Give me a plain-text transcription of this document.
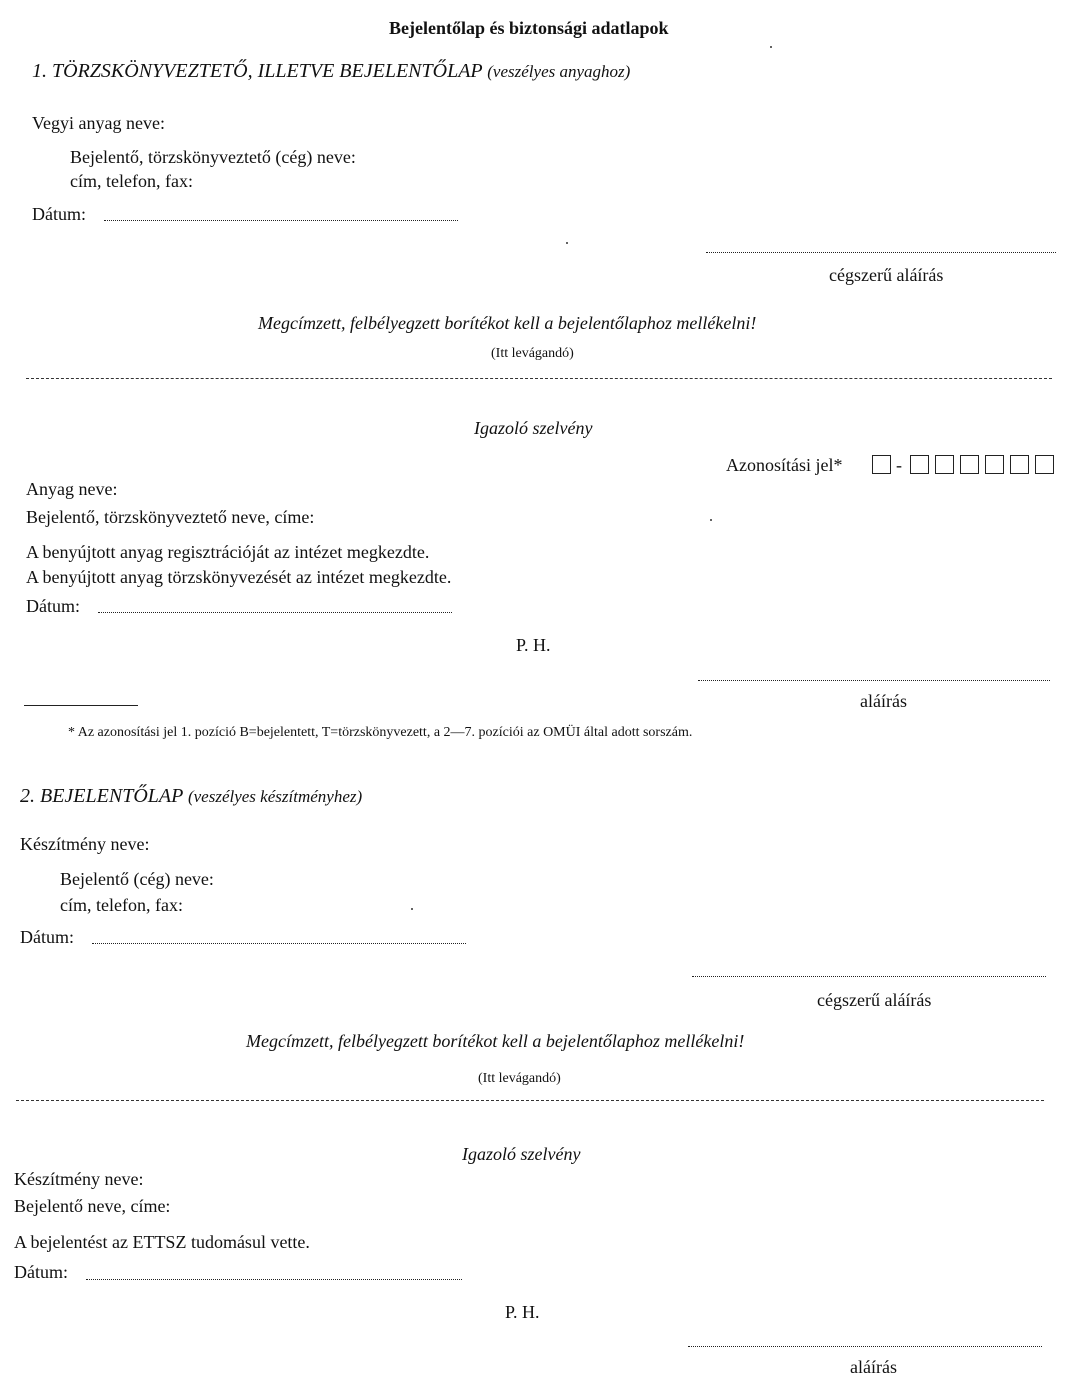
Bejelentőlap és biztonsági adatlapok
1. TÖRZSKÖNYVEZTETŐ, ILLETVE BEJELENTŐLAP (veszélyes anyaghoz)
Vegyi anyag neve:
Bejelentő, törzskönyveztető (cég) neve:
cím, telefon, fax:
Dátum:
cégszerű aláírás
Megcímzett, felbélyegzett borítékot kell a bejelentőlaphoz mellékelni!
(Itt levágandó)
Igazoló szelvény
Azonosítási jel*	-
Anyag neve:
Bejelentő, törzskönyveztető neve, címe:
A benyújtott anyag regisztrációját az intézet megkezdte.
A benyújtott anyag törzskönyvezését az intézet megkezdte.
Dátum:
P. H.
aláírás
* Az azonosítási jel 1. pozíció B=bejelentett, T=törzskönyvezett, a 2—7. pozíciói az OMÜI által adott sorszám.
2. BEJELENTŐLAP (veszélyes készítményhez)
Készítmény neve:
Bejelentő (cég) neve:
cím, telefon, fax:
Dátum:
cégszerű aláírás
Megcímzett, felbélyegzett borítékot kell a bejelentőlaphoz mellékelni!
(Itt levágandó)
Igazoló szelvény
Készítmény neve:
Bejelentő neve, címe:
A bejelentést az ETTSZ tudomásul vette.
Dátum:
P. H.
aláírás
